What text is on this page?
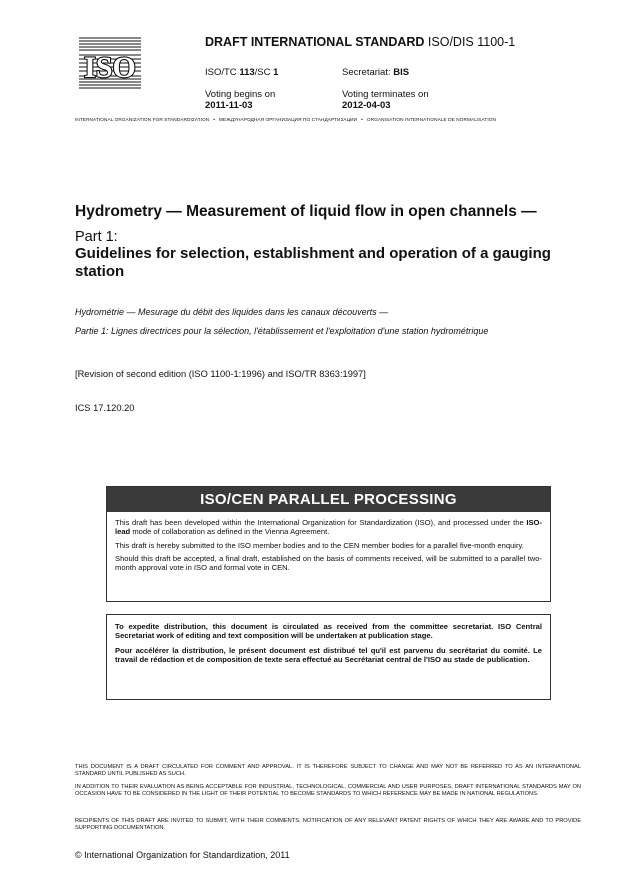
ISO
DRAFT INTERNATIONAL STANDARD ISO/DIS 1100-1
ISO/TC 113/SC 1	Secretariat: BIS
Voting begins on
2011-11-03
Voting terminates on
2012-04-03
INTERNATIONAL ORGANIZATION FOR STANDARDIZATION • МЕЖДУНАРОДНАЯ ОРГАНИЗАЦИЯ ПО СТАНДАРТИЗАЦИИ • ORGANISATION INTERNATIONALE DE NORMALISATION
Hydrometry — Measurement of liquid flow in open channels —
Part 1:
Guidelines for selection, establishment and operation of a gauging station
Hydrométrie — Mesurage du débit des liquides dans les canaux découverts —
Partie 1: Lignes directrices pour la sélection, l'établissement et l'exploitation d'une station hydrométrique
[Revision of second edition (ISO 1100-1:1996) and ISO/TR 8363:1997]
ICS 17.120.20
ISO/CEN PARALLEL PROCESSING

This draft has been developed within the International Organization for Standardization (ISO), and processed under the ISO-lead mode of collaboration as defined in the Vienna Agreement.

This draft is hereby submitted to the ISO member bodies and to the CEN member bodies for a parallel five-month enquiry.

Should this draft be accepted, a final draft, established on the basis of comments received, will be submitted to a parallel two-month approval vote in ISO and formal vote in CEN.

To expedite distribution, this document is circulated as received from the committee secretariat. ISO Central Secretariat work of editing and text composition will be undertaken at publication stage.

Pour accélérer la distribution, le présent document est distribué tel qu'il est parvenu du secrétariat du comité. Le travail de rédaction et de composition de texte sera effectué au Secrétariat central de l'ISO au stade de publication.

THIS DOCUMENT IS A DRAFT CIRCULATED FOR COMMENT AND APPROVAL. IT IS THEREFORE SUBJECT TO CHANGE AND MAY NOT BE REFERRED TO AS AN INTERNATIONAL STANDARD UNTIL PUBLISHED AS SUCH.
IN ADDITION TO THEIR EVALUATION AS BEING ACCEPTABLE FOR INDUSTRIAL, TECHNOLOGICAL, COMMERCIAL AND USER PURPOSES, DRAFT INTERNATIONAL STANDARDS MAY ON OCCASION HAVE TO BE CONSIDERED IN THE LIGHT OF THEIR POTENTIAL TO BECOME STANDARDS TO WHICH REFERENCE MAY BE MADE IN NATIONAL REGULATIONS.
RECIPIENTS OF THIS DRAFT ARE INVITED TO SUBMIT, WITH THEIR COMMENTS, NOTIFICATION OF ANY RELEVANT PATENT RIGHTS OF WHICH THEY ARE AWARE AND TO PROVIDE SUPPORTING DOCUMENTATION.
© International Organization for Standardization, 2011
